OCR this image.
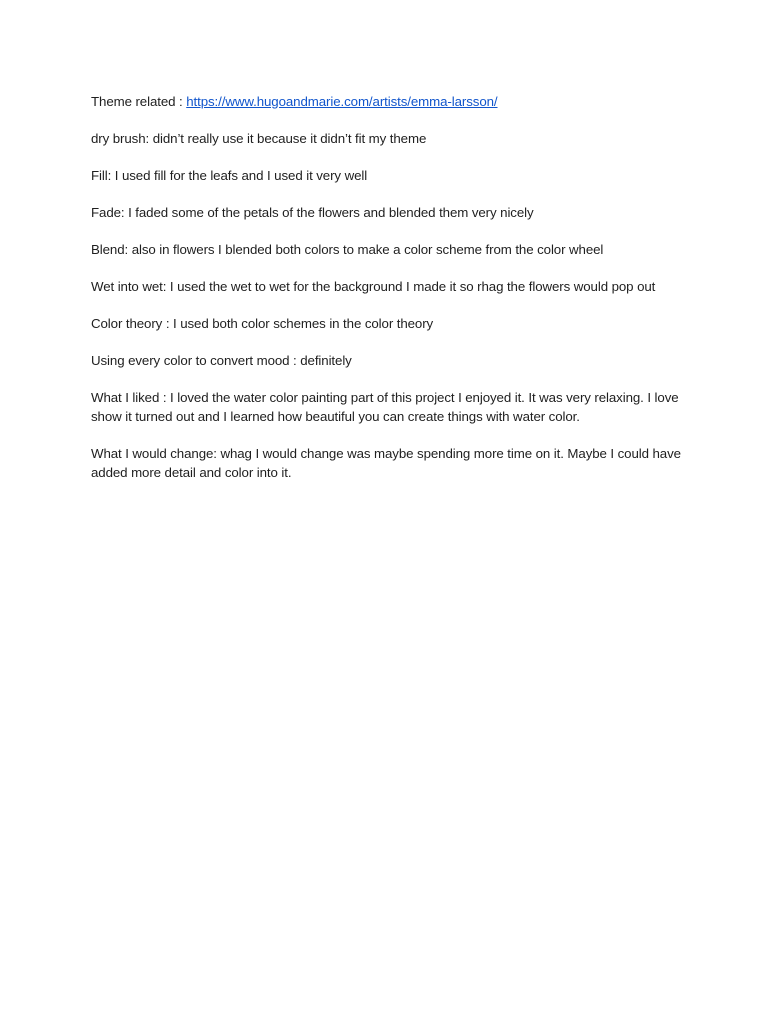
Theme related : https://www.hugoandmarie.com/artists/emma-larsson/

dry brush: didn’t really use it because it didn’t fit my theme

Fill: I used fill for the leafs and I used it very well

Fade: I faded some of the petals of the flowers and blended them very nicely

Blend: also in flowers I blended both colors to make a color scheme from the color wheel

Wet into wet: I used the wet to wet for the background I made it so rhag the flowers would pop out

Color theory : I used both color schemes in the color theory

Using every color to convert mood : definitely

What I liked : I loved the water color painting part of this project I enjoyed it. It was very relaxing. I love show it turned out and I learned how beautiful you can create things with water color.

What I would change: whag I would change was maybe spending more time on it. Maybe I could have added more detail and color into it.
